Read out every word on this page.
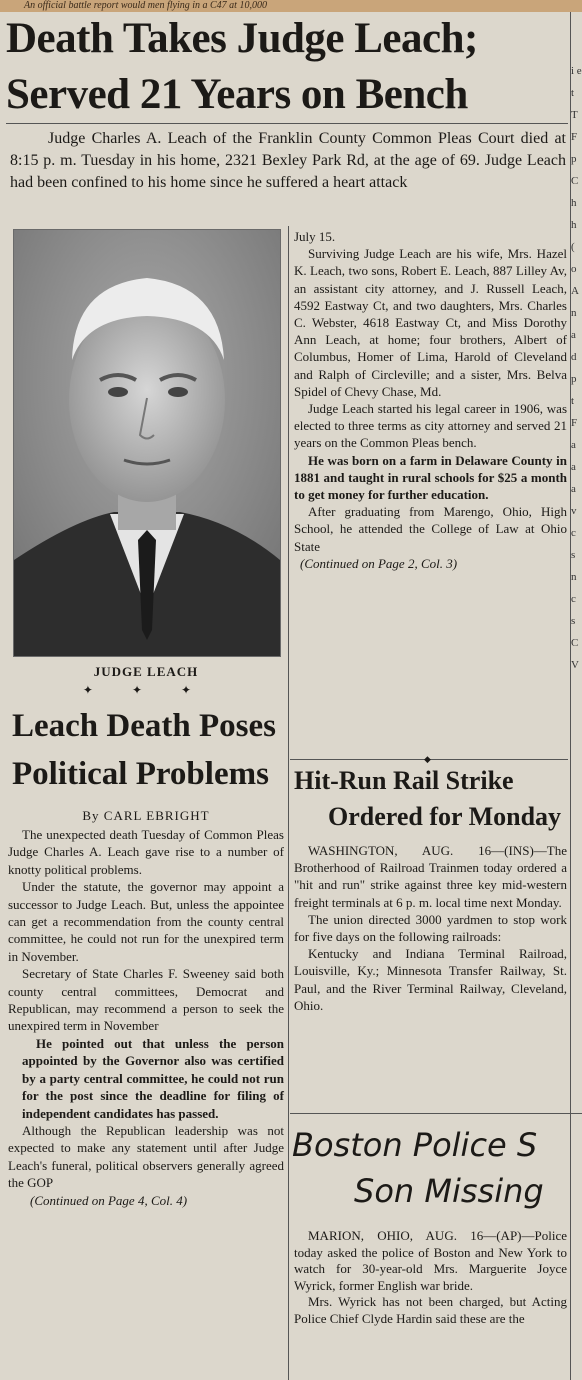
An official battle report would men flying in a C47 at 10,000
Death Takes Judge Leach;
Served 21 Years on Bench

Judge Charles A. Leach of the Franklin County Common Pleas Court died at 8:15 p. m. Tuesday in his home, 2321 Bexley Park Rd, at the age of 69. Judge Leach had been confined to his home since he suffered a heart attack

JUDGE LEACH
✦ ✦ ✦

July 15.

Surviving Judge Leach are his wife, Mrs. Hazel K. Leach, two sons, Robert E. Leach, 887 Lilley Av, an assistant city attorney, and J. Russell Leach, 4592 Eastway Ct, and two daughters, Mrs. Charles C. Webster, 4618 Eastway Ct, and Miss Dorothy Ann Leach, at home; four brothers, Albert of Columbus, Homer of Lima, Harold of Cleveland and Ralph of Circleville; and a sister, Mrs. Belva Spidel of Chevy Chase, Md.

Judge Leach started his legal career in 1906, was elected to three terms as city attorney and served 21 years on the Common Pleas bench.

He was born on a farm in Delaware County in 1881 and taught in rural schools for $25 a month to get money for further education.

After graduating from Marengo, Ohio, High School, he attended the College of Law at Ohio State

(Continued on Page 2, Col. 3)

◆
Leach Death Poses
Political Problems
By CARL EBRIGHT

The unexpected death Tuesday of Common Pleas Judge Charles A. Leach gave rise to a number of knotty political problems.

Under the statute, the governor may appoint a successor to Judge Leach. But, unless the appointee can get a recommendation from the county central committee, he could not run for the unexpired term in November.

Secretary of State Charles F. Sweeney said both county central committees, Democrat and Republican, may recommend a person to seek the unexpired term in November

He pointed out that unless the person appointed by the Governor also was certified by a party central committee, he could not run for the post since the deadline for filing of independent candidates has passed.

Although the Republican leadership was not expected to make any statement until after Judge Leach's funeral, political observers generally agreed the GOP

(Continued on Page 4, Col. 4)

Hit-Run Rail Strike
Ordered for Monday

WASHINGTON, AUG. 16—(INS)—The Brotherhood of Railroad Trainmen today ordered a "hit and run" strike against three key mid-western freight terminals at 6 p. m. local time next Monday.

The union directed 3000 yardmen to stop work for five days on the following railroads:

Kentucky and Indiana Terminal Railroad, Louisville, Ky.; Minnesota Transfer Railway, St. Paul, and the River Terminal Railway, Cleveland, Ohio.

Boston Police S
Son Missing

MARION, OHIO, AUG. 16—(AP)—Police today asked the police of Boston and New York to watch for 30-year-old Mrs. Marguerite Joyce Wyrick, former English war bride.

Mrs. Wyrick has not been charged, but Acting Police Chief Clyde Hardin said these are the

i e t T F p C h h ( o A n a d p t F a a a v c s n c s C V
